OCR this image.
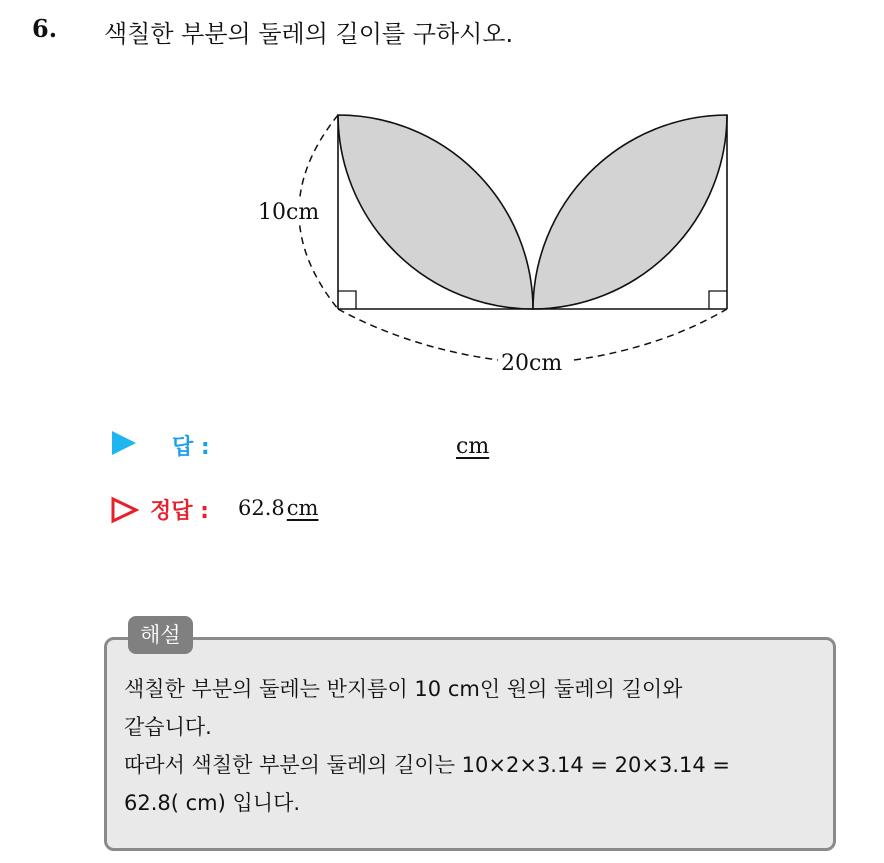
6. 색칠한 부분의 둘레의 길이를 구하시오.
10cm
20cm
답 :	cm
정답 : 62.8cm
해설
색칠한 부분의 둘레는 반지름이 10 cm인 원의 둘레의 길이와
같습니다.
따라서 색칠한 부분의 둘레의 길이는 10×2×3.14 = 20×3.14 =
62.8( cm) 입니다.
